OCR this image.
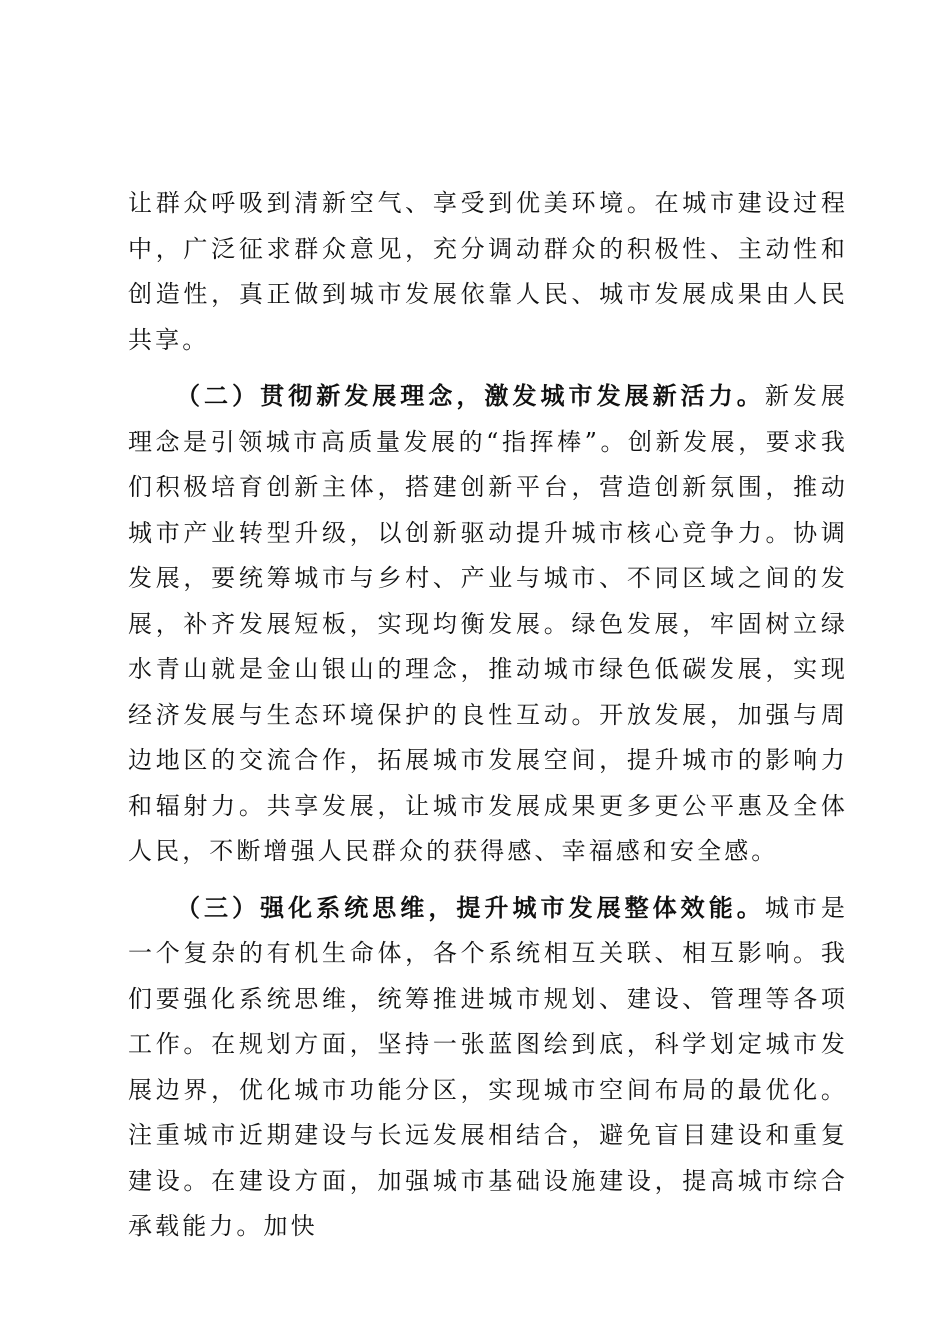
让群众呼吸到清新空气、享受到优美环境。在城市建设过程中，广泛征求群众意见，充分调动群众的积极性、主动性和创造性，真正做到城市发展依靠人民、城市发展成果由人民共享。

（二）贯彻新发展理念，激发城市发展新活力。新发展理念是引领城市高质量发展的“指挥棒”。创新发展，要求我们积极培育创新主体，搭建创新平台，营造创新氛围，推动城市产业转型升级，以创新驱动提升城市核心竞争力。协调发展，要统筹城市与乡村、产业与城市、不同区域之间的发展，补齐发展短板，实现均衡发展。绿色发展，牢固树立绿水青山就是金山银山的理念，推动城市绿色低碳发展，实现经济发展与生态环境保护的良性互动。开放发展，加强与周边地区的交流合作，拓展城市发展空间，提升城市的影响力和辐射力。共享发展，让城市发展成果更多更公平惠及全体人民，不断增强人民群众的获得感、幸福感和安全感。

（三）强化系统思维，提升城市发展整体效能。城市是一个复杂的有机生命体，各个系统相互关联、相互影响。我们要强化系统思维，统筹推进城市规划、建设、管理等各项工作。在规划方面，坚持一张蓝图绘到底，科学划定城市发展边界，优化城市功能分区，实现城市空间布局的最优化。注重城市近期建设与长远发展相结合，避免盲目建设和重复建设。在建设方面，加强城市基础设施建设，提高城市综合承载能力。加快
